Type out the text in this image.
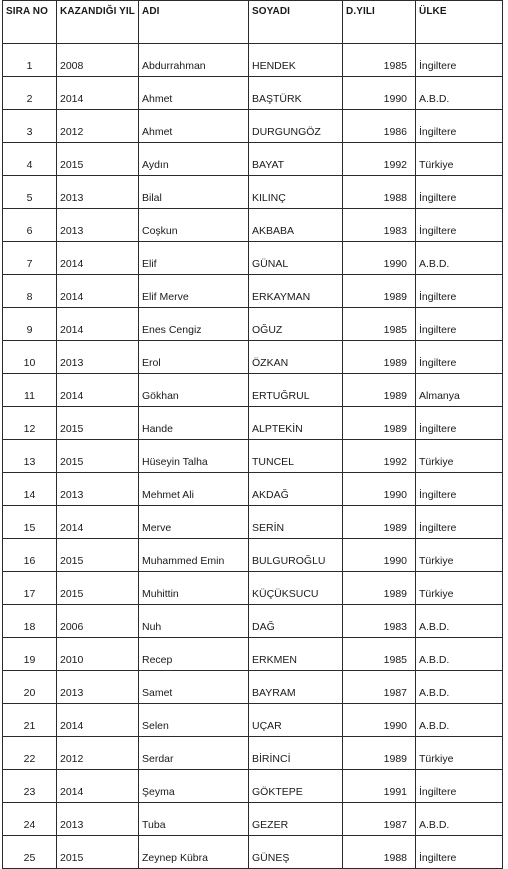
SIRA NO	KAZANDIĞI YIL	ADI	SOYADI	D.YILI	ÜLKE
1	2008	Abdurrahman	HENDEK	1985	İngiltere
2	2014	Ahmet	BAŞTÜRK	1990	A.B.D.
3	2012	Ahmet	DURGUNGÖZ	1986	İngiltere
4	2015	Aydın	BAYAT	1992	Türkiye
5	2013	Bilal	KILINÇ	1988	İngiltere
6	2013	Coşkun	AKBABA	1983	İngiltere
7	2014	Elif	GÜNAL	1990	A.B.D.
8	2014	Elif Merve	ERKAYMAN	1989	İngiltere
9	2014	Enes Cengiz	OĞUZ	1985	İngiltere
10	2013	Erol	ÖZKAN	1989	İngiltere
11	2014	Gökhan	ERTUĞRUL	1989	Almanya
12	2015	Hande	ALPTEKİN	1989	İngiltere
13	2015	Hüseyin Talha	TUNCEL	1992	Türkiye
14	2013	Mehmet Ali	AKDAĞ	1990	İngiltere
15	2014	Merve	SERİN	1989	İngiltere
16	2015	Muhammed Emin	BULGUROĞLU	1990	Türkiye
17	2015	Muhittin	KÜÇÜKSUCU	1989	Türkiye
18	2006	Nuh	DAĞ	1983	A.B.D.
19	2010	Recep	ERKMEN	1985	A.B.D.
20	2013	Samet	BAYRAM	1987	A.B.D.
21	2014	Selen	UÇAR	1990	A.B.D.
22	2012	Serdar	BİRİNCİ	1989	Türkiye
23	2014	Şeyma	GÖKTEPE	1991	İngiltere
24	2013	Tuba	GEZER	1987	A.B.D.
25	2015	Zeynep Kübra	GÜNEŞ	1988	İngiltere
